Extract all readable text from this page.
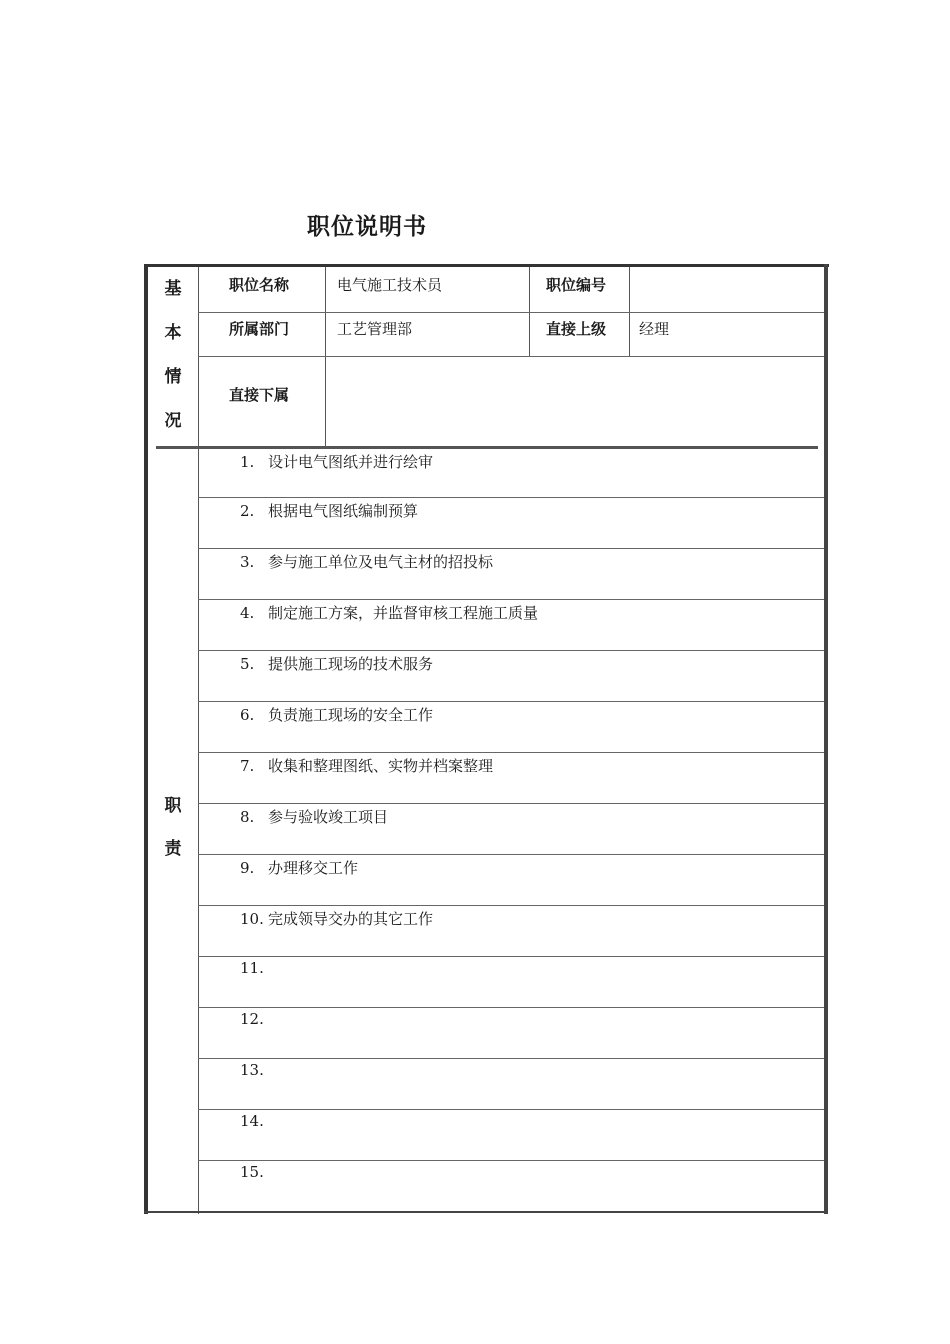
职位说明书
基
本
情
况
职位名称	电气施工技术员	职位编号
所属部门	工艺管理部	直接上级 经理
直接下属
职
责
1. 设计电气图纸并进行绘审
2. 根据电气图纸编制预算
3. 参与施工单位及电气主材的招投标
4. 制定施工方案，并监督审核工程施工质量
5. 提供施工现场的技术服务
6. 负责施工现场的安全工作
7. 收集和整理图纸、实物并档案整理
8. 参与验收竣工项目
9. 办理移交工作
10. 完成领导交办的其它工作
11.
12.
13.
14.
15.
